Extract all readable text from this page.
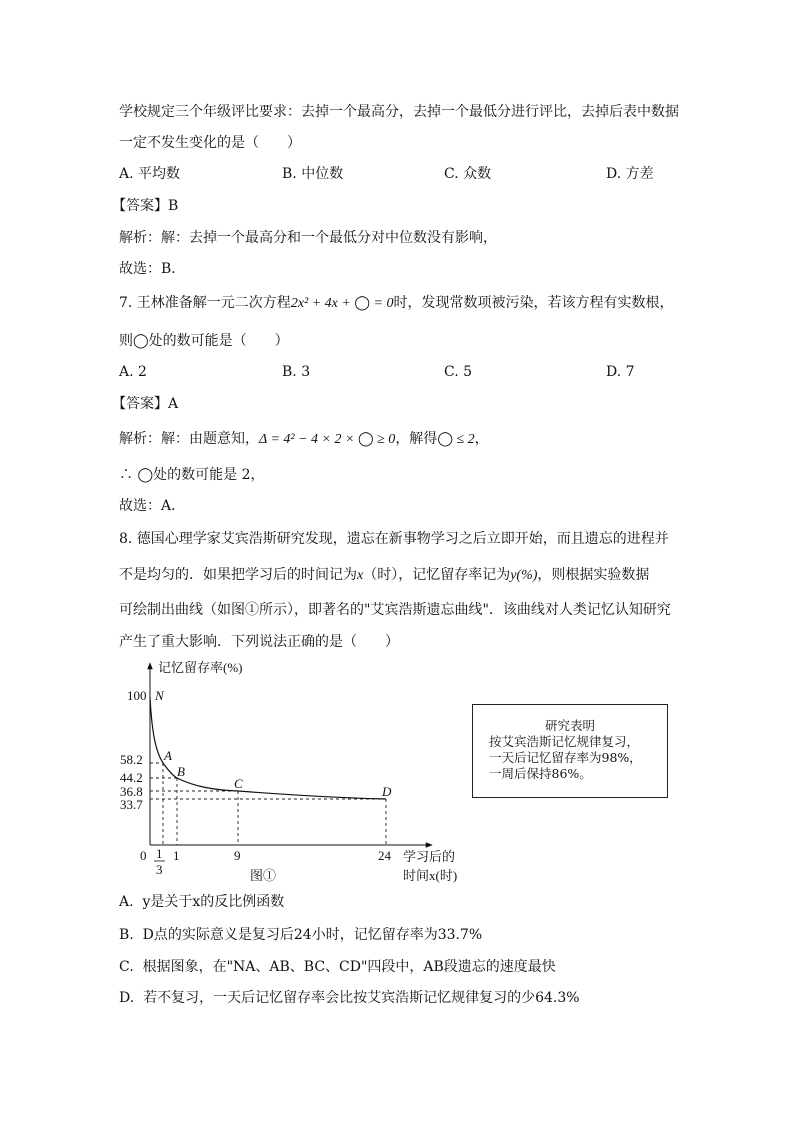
学校规定三个年级评比要求：去掉一个最高分，去掉一个最低分进行评比，去掉后表中数据
一定不发生变化的是（　　）
A. 平均数	B. 中位数	C. 众数	D. 方差
【答案】B
解析：解：去掉一个最高分和一个最低分对中位数没有影响，
故选：B．
7. 王林准备解一元二次方程2x² + 4x + ◯ = 0时，发现常数项被污染，若该方程有实数根，
则◯处的数可能是（　　）
A. 2	B. 3	C. 5	D. 7
【答案】A
解析：解：由题意知，Δ = 4² − 4 × 2 × ◯ ≥ 0，解得◯ ≤ 2，
∴ ◯处的数可能是 2，
故选：A．
8. 德国心理学家艾宾浩斯研究发现，遗忘在新事物学习之后立即开始，而且遗忘的进程并
不是均匀的．如果把学习后的时间记为x（时），记忆留存率记为y(%)，则根据实验数据
可绘制出曲线（如图①所示），即著名的"艾宾浩斯遗忘曲线"．该曲线对人类记忆认知研究
产生了重大影响．下列说法正确的是（　　）
记忆留存率(%)
学习后的
时间x(时)
图①
100
58.2
44.2
36.8
33.7
0 1
3
1	9	24
N
A
B
C
D
研究表明
按艾宾浩斯记忆规律复习，
一天后记忆留存率为98%，
一周后保持86%。
A. y是关于x的反比例函数
B. D点的实际意义是复习后24小时，记忆留存率为33.7%
C. 根据图象，在"NA、AB、BC、CD"四段中，AB段遗忘的速度最快
D. 若不复习，一天后记忆留存率会比按艾宾浩斯记忆规律复习的少64.3%
